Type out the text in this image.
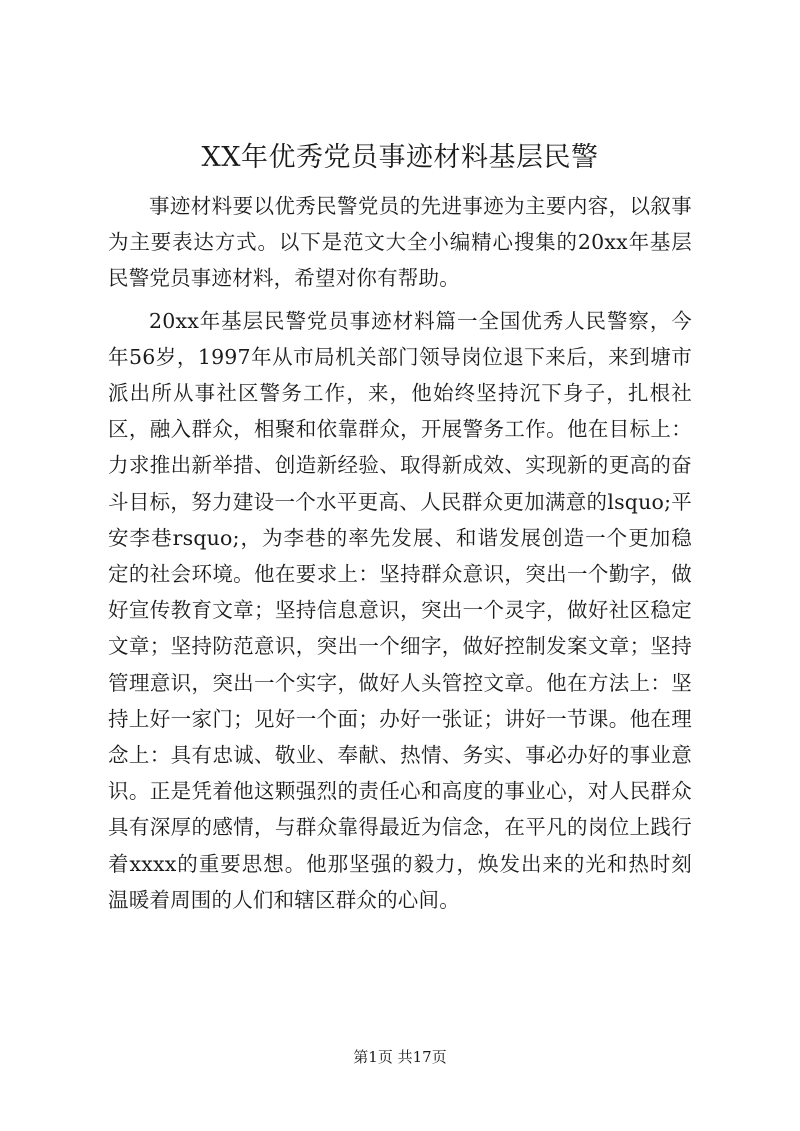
XX年优秀党员事迹材料基层民警

事迹材料要以优秀民警党员的先进事迹为主要内容，以叙事为主要表达方式。以下是范文大全小编精心搜集的20xx年基层民警党员事迹材料，希望对你有帮助。

20xx年基层民警党员事迹材料篇一全国优秀人民警察，今年56岁，1997年从市局机关部门领导岗位退下来后，来到塘市派出所从事社区警务工作，来，他始终坚持沉下身子，扎根社区，融入群众，相聚和依靠群众，开展警务工作。他在目标上：力求推出新举措、创造新经验、取得新成效、实现新的更高的奋斗目标，努力建设一个水平更高、人民群众更加满意的lsquo;平安李巷rsquo;，为李巷的率先发展、和谐发展创造一个更加稳定的社会环境。他在要求上：坚持群众意识，突出一个勤字，做好宣传教育文章；坚持信息意识，突出一个灵字，做好社区稳定文章；坚持防范意识，突出一个细字，做好控制发案文章；坚持管理意识，突出一个实字，做好人头管控文章。他在方法上：坚持上好一家门；见好一个面；办好一张证；讲好一节课。他在理念上：具有忠诚、敬业、奉献、热情、务实、事必办好的事业意识。正是凭着他这颗强烈的责任心和高度的事业心，对人民群众具有深厚的感情，与群众靠得最近为信念，在平凡的岗位上践行着xxxx的重要思想。他那坚强的毅力，焕发出来的光和热时刻温暖着周围的人们和辖区群众的心间。

第1页 共17页
